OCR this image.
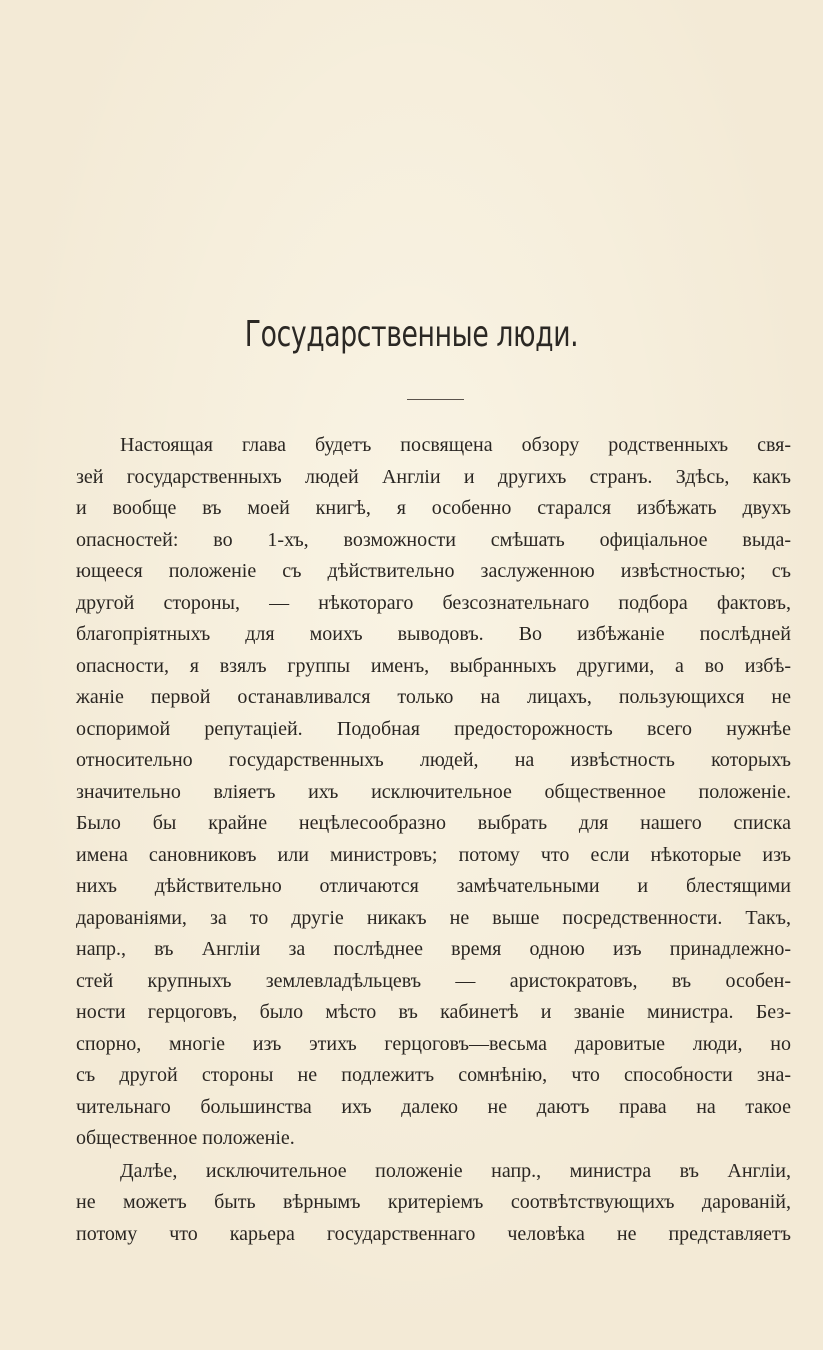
Государственные люди.

Настоящая глава будетъ посвящена обзору родственныхъ свя-
зей государственныхъ людей Англіи и другихъ странъ. Здѣсь, какъ
и вообще въ моей книгѣ, я особенно старался избѣжать двухъ
опасностей: во 1-хъ, возможности смѣшать офиціальное выда-
ющееся положеніе съ дѣйствительно заслуженною извѣстностью; съ
другой стороны, — нѣкотораго безсознательнаго подбора фактовъ,
благопріятныхъ для моихъ выводовъ. Во избѣжаніе послѣдней
опасности, я взялъ группы именъ, выбранныхъ другими, а во избѣ-
жаніе первой останавливался только на лицахъ, пользующихся не
оспоримой репутаціей. Подобная предосторожность всего нужнѣе
относительно государственныхъ людей, на извѣстность которыхъ
значительно вліяетъ ихъ исключительное общественное положеніе.
Было бы крайне нецѣлесообразно выбрать для нашего списка
имена сановниковъ или министровъ; потому что если нѣкоторые изъ
нихъ дѣйствительно отличаются замѣчательными и блестящими
дарованіями, за то другіе никакъ не выше посредственности. Такъ,
напр., въ Англіи за послѣднее время одною изъ принадлежно-
стей крупныхъ землевладѣльцевъ — аристократовъ, въ особен-
ности герцоговъ, было мѣсто въ кабинетѣ и званіе министра. Без-
спорно, многіе изъ этихъ герцоговъ—весьма даровитые люди, но
съ другой стороны не подлежитъ сомнѣнію, что способности зна-
чительнаго большинства ихъ далеко не даютъ права на такое
общественное положеніе.

Далѣе, исключительное положеніе напр., министра въ Англіи,
не можетъ быть вѣрнымъ критеріемъ соотвѣтствующихъ дарованій,
потому что карьера государственнаго человѣка не представляетъ
